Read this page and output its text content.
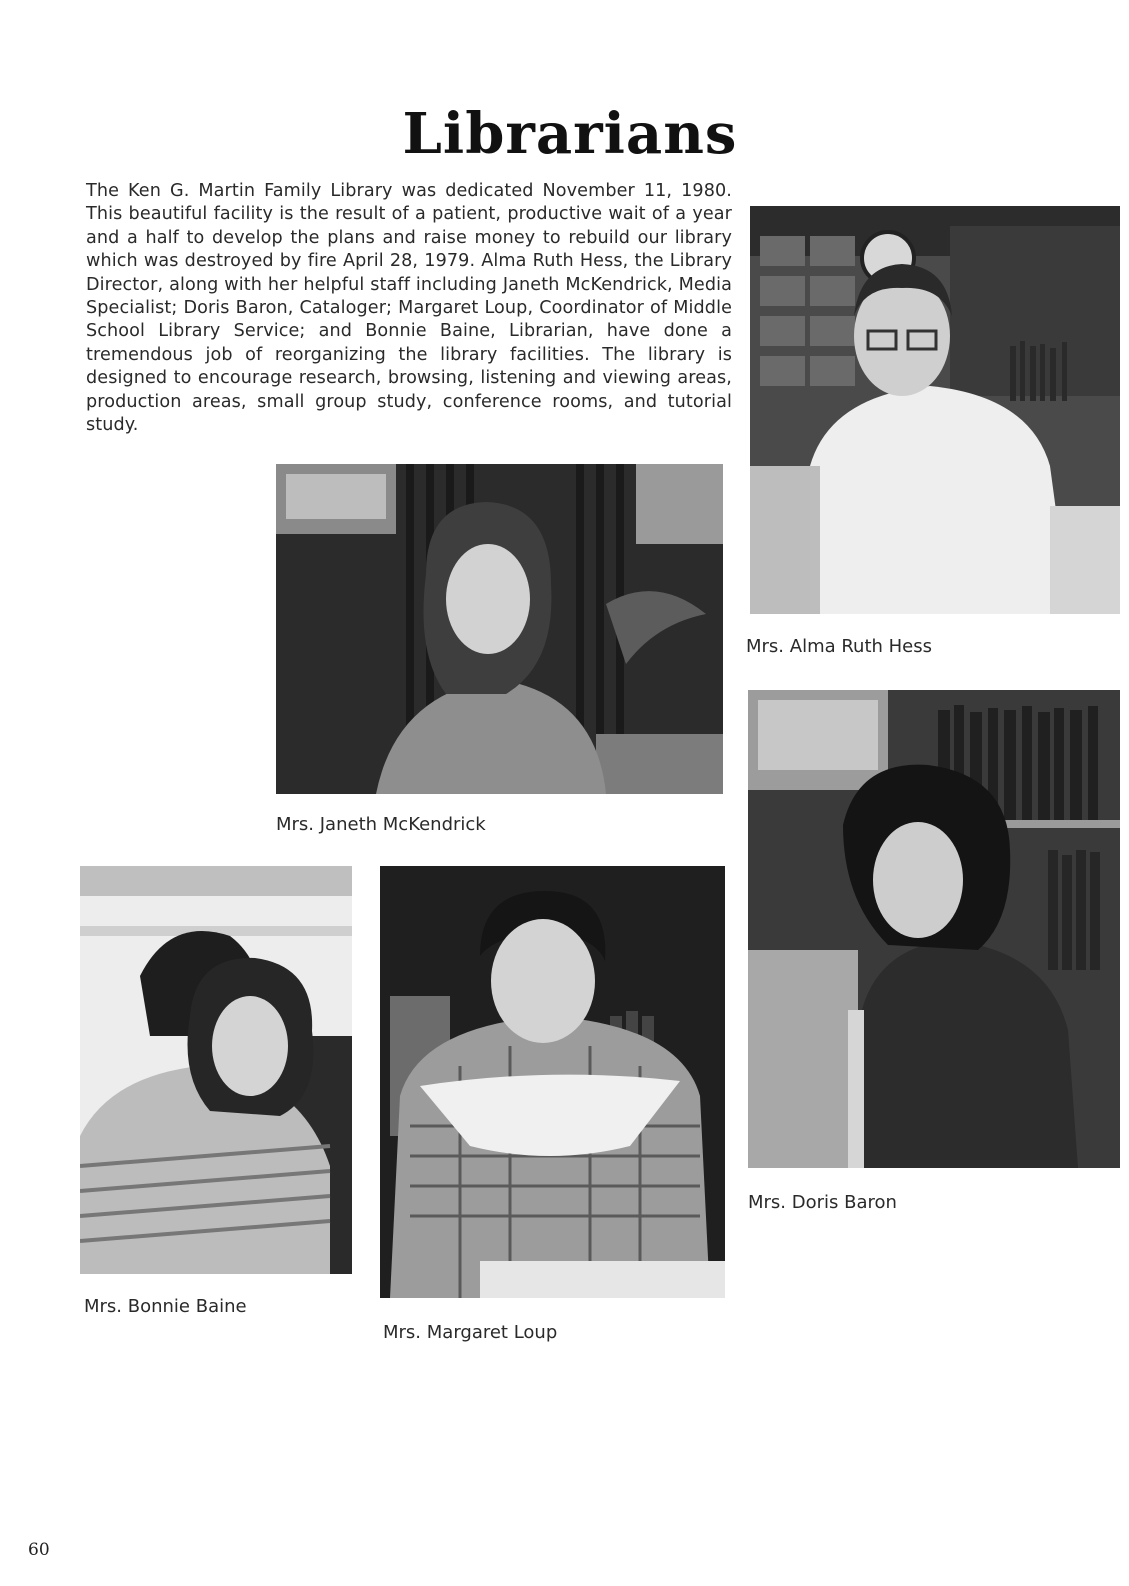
Librarians

The Ken G. Martin Family Library was dedicated November 11, 1980. This beautiful facility is the result of a patient, productive wait of a year and a half to develop the plans and raise money to rebuild our library which was destroyed by fire April 28, 1979. Alma Ruth Hess, the Library Director, along with her helpful staff including Janeth McKendrick, Media Specialist; Doris Baron, Cataloger; Margaret Loup, Coordinator of Middle School Library Service; and Bonnie Baine, Librarian, have done a tremendous job of reorganizing the library facilities. The library is designed to encourage research, browsing, listening and viewing areas, production areas, small group study, conference rooms, and tutorial study.

Mrs. Alma Ruth Hess

Mrs. Janeth McKendrick

Mrs. Doris Baron

Mrs. Bonnie Baine

Mrs. Margaret Loup

60
